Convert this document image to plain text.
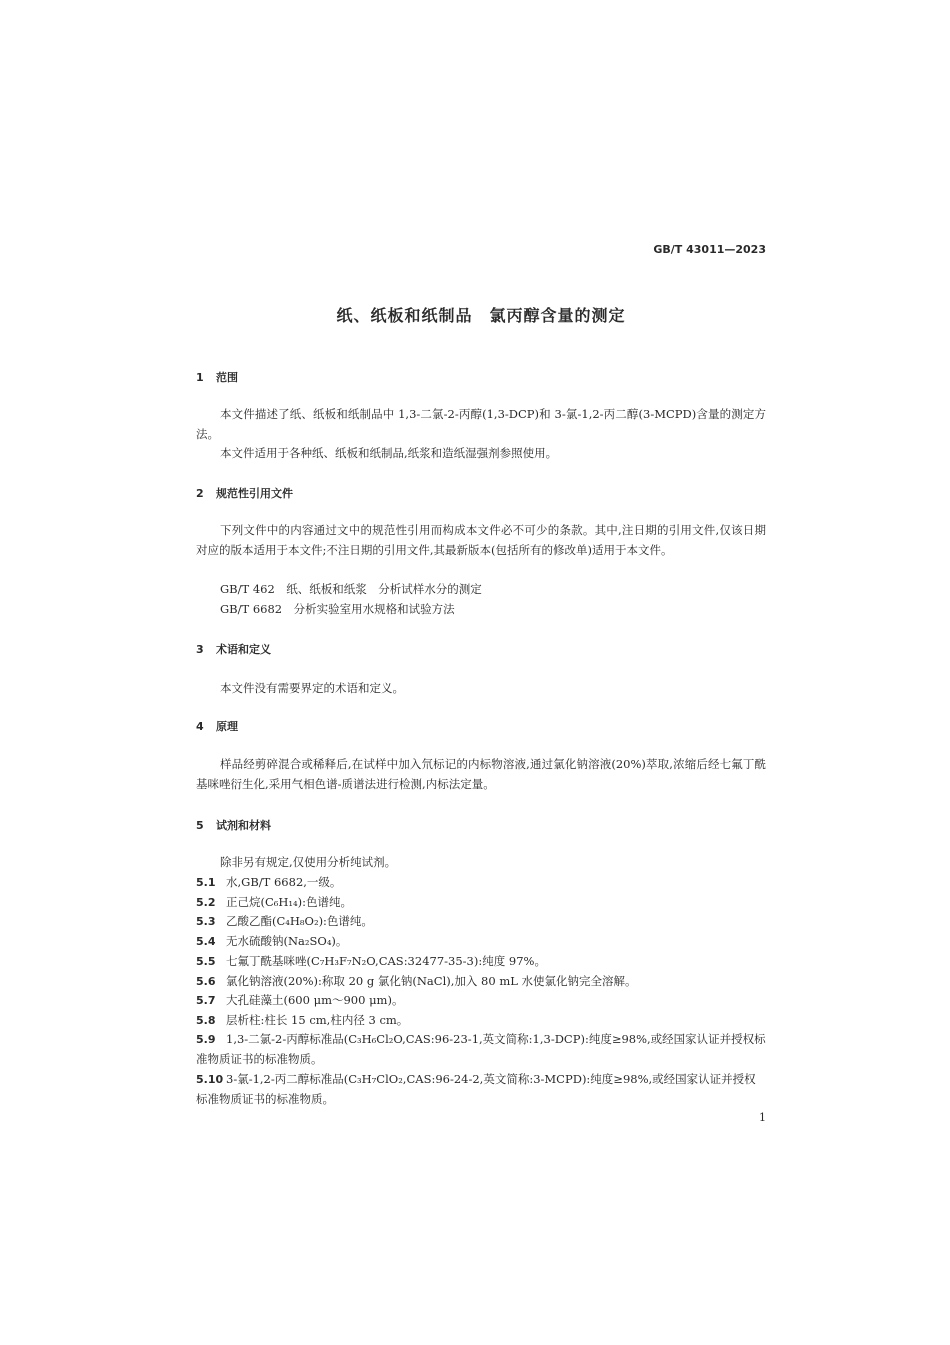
GB/T 43011—2023
纸、纸板和纸制品　氯丙醇含量的测定
1 范围

本文件描述了纸、纸板和纸制品中 1,3-二氯-2-丙醇(1,3-DCP)和 3-氯-1,2-丙二醇(3-MCPD)含量的测定方法。

本文件适用于各种纸、纸板和纸制品,纸浆和造纸湿强剂参照使用。

2 规范性引用文件

下列文件中的内容通过文中的规范性引用而构成本文件必不可少的条款。其中,注日期的引用文件,仅该日期对应的版本适用于本文件;不注日期的引用文件,其最新版本(包括所有的修改单)适用于本文件。

GB/T 462　纸、纸板和纸浆　分析试样水分的测定
GB/T 6682　分析实验室用水规格和试验方法
3 术语和定义

本文件没有需要界定的术语和定义。

4 原理

样品经剪碎混合或稀释后,在试样中加入氘标记的内标物溶液,通过氯化钠溶液(20%)萃取,浓缩后经七氟丁酰基咪唑衍生化,采用气相色谱-质谱法进行检测,内标法定量。

5 试剂和材料

除非另有规定,仅使用分析纯试剂。

5.1 水,GB/T 6682,一级。

5.2 正己烷(C₆H₁₄):色谱纯。

5.3 乙酸乙酯(C₄H₈O₂):色谱纯。

5.4 无水硫酸钠(Na₂SO₄)。

5.5 七氟丁酰基咪唑(C₇H₃F₇N₂O,CAS:32477-35-3):纯度 97%。

5.6 氯化钠溶液(20%):称取 20 g 氯化钠(NaCl),加入 80 mL 水使氯化钠完全溶解。

5.7 大孔硅藻土(600 μm～900 μm)。

5.8 层析柱:柱长 15 cm,柱内径 3 cm。

5.9 1,3-二氯-2-丙醇标准品(C₃H₆Cl₂O,CAS:96-23-1,英文简称:1,3-DCP):纯度≥98%,或经国家认证并授权标准物质证书的标准物质。

5.10 3-氯-1,2-丙二醇标准品(C₃H₇ClO₂,CAS:96-24-2,英文简称:3-MCPD):纯度≥98%,或经国家认证并授权标准物质证书的标准物质。

1
